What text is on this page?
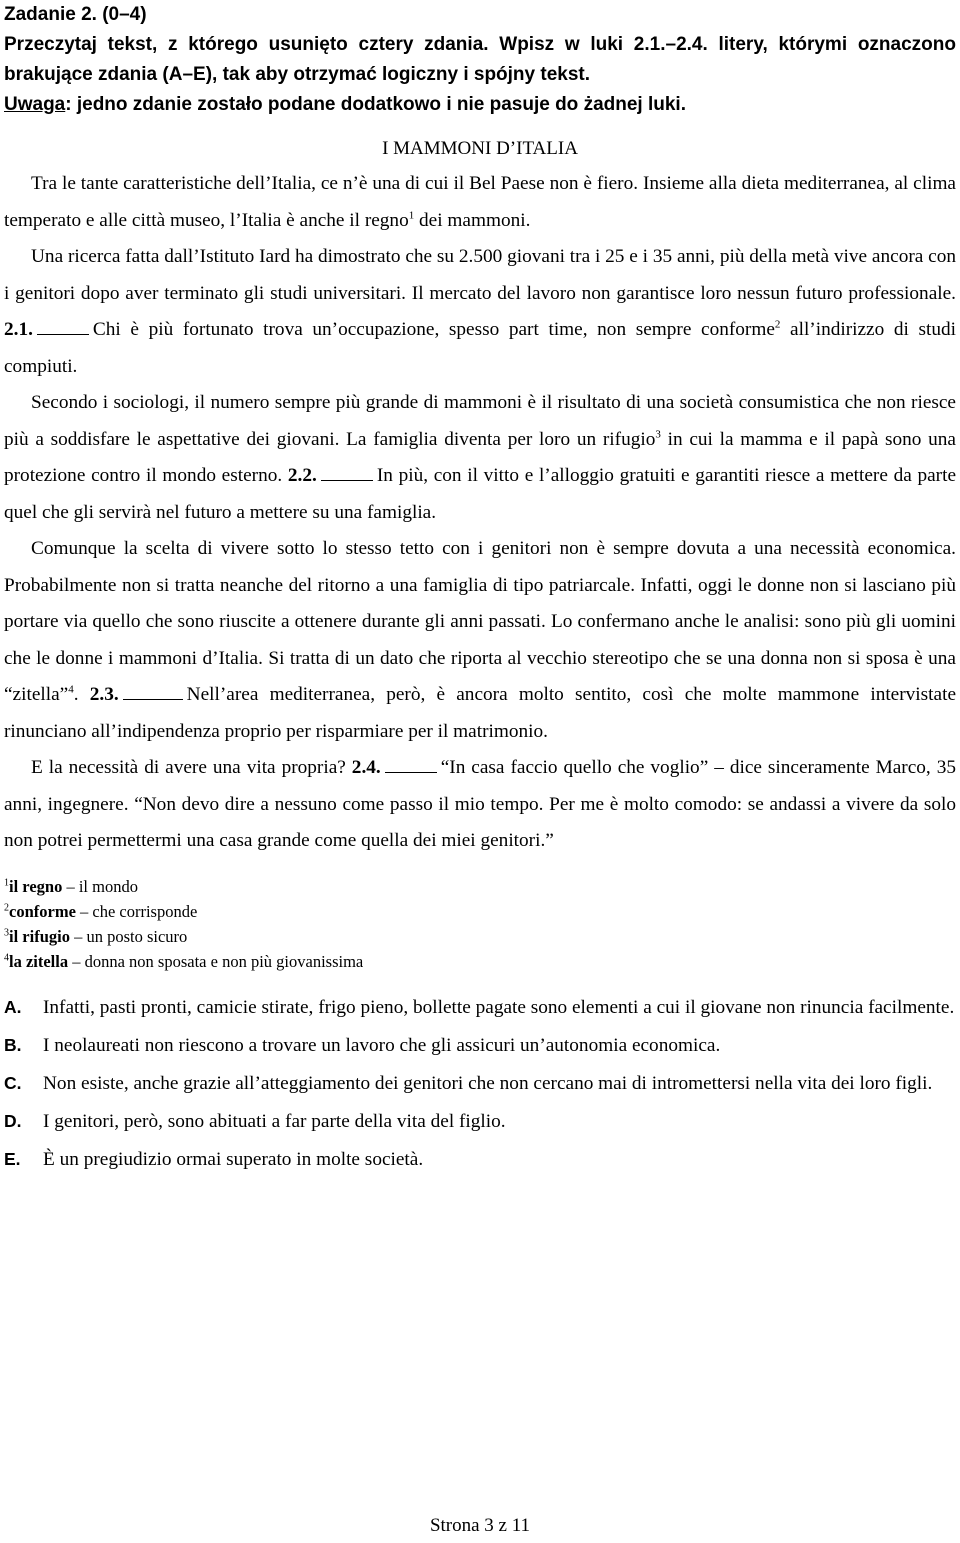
Zadanie 2. (0–4)
Przeczytaj tekst, z którego usunięto cztery zdania. Wpisz w luki 2.1.–2.4. litery, którymi oznaczono brakujące zdania (A–E), tak aby otrzymać logiczny i spójny tekst.
Uwaga: jedno zdanie zostało podane dodatkowo i nie pasuje do żadnej luki.
I MAMMONI D’ITALIA

Tra le tante caratteristiche dell’Italia, ce n’è una di cui il Bel Paese non è fiero. Insieme alla dieta mediterranea, al clima temperato e alle città museo, l’Italia è anche il regno$^1$ dei mammoni.

Una ricerca fatta dall’Istituto Iard ha dimostrato che su 2.500 giovani tra i 25 e i 35 anni, più della metà vive ancora con i genitori dopo aver terminato gli studi universitari. Il mercato del lavoro non garantisce loro nessun futuro professionale. 2.1.	Chi è più fortunato trova un’occupazione, spesso part time, non sempre conforme$^2$ all’indirizzo di studi compiuti.

Secondo i sociologi, il numero sempre più grande di mammoni è il risultato di una società consumistica che non riesce più a soddisfare le aspettative dei giovani. La famiglia diventa per loro un rifugio$^3$ in cui la mamma e il papà sono una protezione contro il mondo esterno. 2.2.	In più, con il vitto e l’alloggio gratuiti e garantiti riesce a mettere da parte quel che gli servirà nel futuro a mettere su una famiglia.

Comunque la scelta di vivere sotto lo stesso tetto con i genitori non è sempre dovuta a una necessità economica. Probabilmente non si tratta neanche del ritorno a una famiglia di tipo patriarcale. Infatti, oggi le donne non si lasciano più portare via quello che sono riuscite a ottenere durante gli anni passati. Lo confermano anche le analisi: sono più gli uomini che le donne i mammoni d’Italia. Si tratta di un dato che riporta al vecchio stereotipo che se una donna non si sposa è una “zitella”$^4$. 2.3.	Nell’area mediterranea, però, è ancora molto sentito, così che molte mammone intervistate rinunciano all’indipendenza proprio per risparmiare per il matrimonio.

E la necessità di avere una vita propria? 2.4.	“In casa faccio quello che voglio” – dice sinceramente Marco, 35 anni, ingegnere. “Non devo dire a nessuno come passo il mio tempo. Per me è molto comodo: se andassi a vivere da solo non potrei permettermi una casa grande come quella dei miei genitori.”

$^1$il regno – il mondo
$^2$conforme – che corrisponde
$^3$il rifugio – un posto sicuro
$^4$la zitella – donna non sposata e non più giovanissima
A.	Infatti, pasti pronti, camicie stirate, frigo pieno, bollette pagate sono elementi a cui il giovane non rinuncia facilmente.
B.	I neolaureati non riescono a trovare un lavoro che gli assicuri un’autonomia economica.
C.	Non esiste, anche grazie all’atteggiamento dei genitori che non cercano mai di intromettersi nella vita dei loro figli.
D.	I genitori, però, sono abituati a far parte della vita del figlio.
E.	È un pregiudizio ormai superato in molte società.
Strona 3 z 11
